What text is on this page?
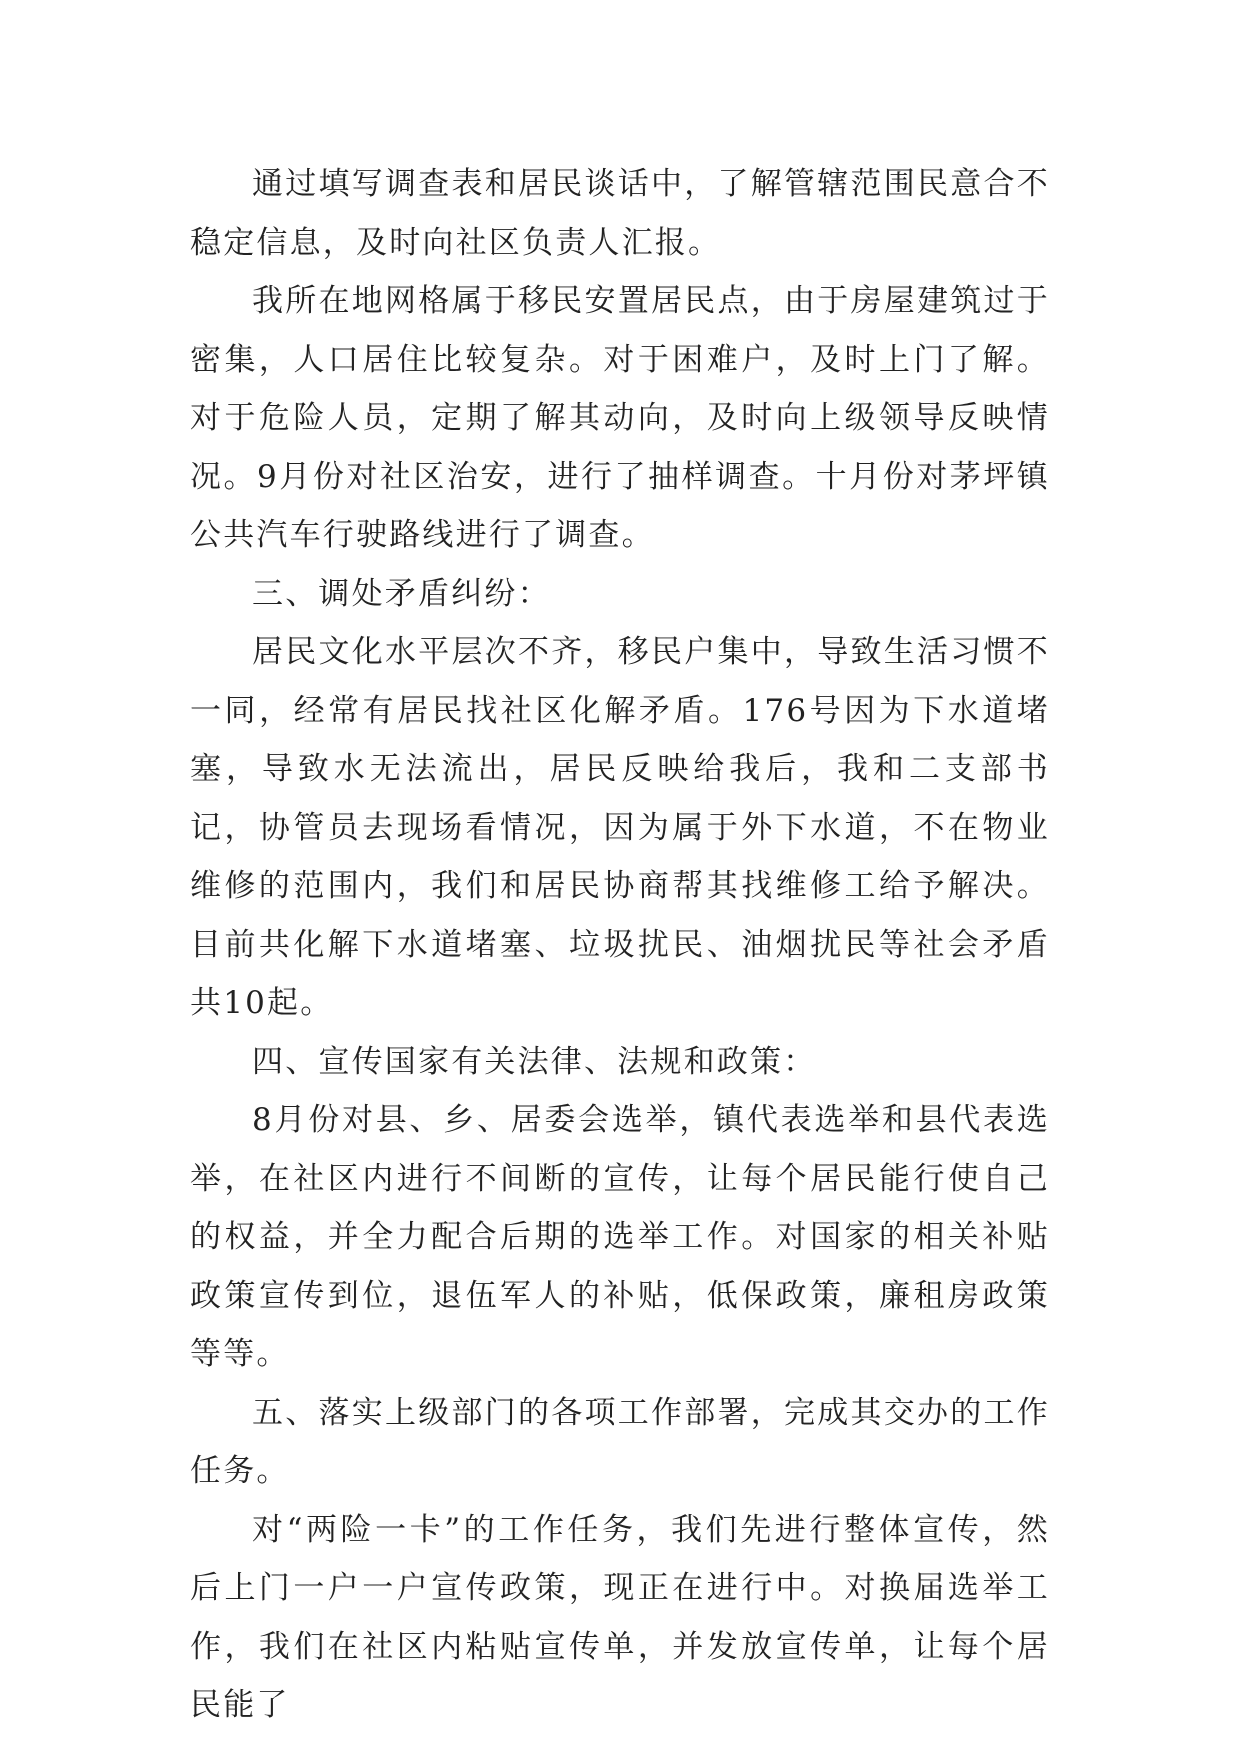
通过填写调查表和居民谈话中，了解管辖范围民意合不稳定信息，及时向社区负责人汇报。

我所在地网格属于移民安置居民点，由于房屋建筑过于密集，人口居住比较复杂。对于困难户，及时上门了解。对于危险人员，定期了解其动向，及时向上级领导反映情况。9月份对社区治安，进行了抽样调查。十月份对茅坪镇公共汽车行驶路线进行了调查。

三、调处矛盾纠纷：

居民文化水平层次不齐，移民户集中，导致生活习惯不一同，经常有居民找社区化解矛盾。176号因为下水道堵塞，导致水无法流出，居民反映给我后，我和二支部书记，协管员去现场看情况，因为属于外下水道，不在物业维修的范围内，我们和居民协商帮其找维修工给予解决。目前共化解下水道堵塞、垃圾扰民、油烟扰民等社会矛盾共10起。

四、宣传国家有关法律、法规和政策：

8月份对县、乡、居委会选举，镇代表选举和县代表选举，在社区内进行不间断的宣传，让每个居民能行使自己的权益，并全力配合后期的选举工作。对国家的相关补贴政策宣传到位，退伍军人的补贴，低保政策，廉租房政策等等。

五、落实上级部门的各项工作部署，完成其交办的工作任务。

对“两险一卡”的工作任务，我们先进行整体宣传，然后上门一户一户宣传政策，现正在进行中。对换届选举工作，我们在社区内粘贴宣传单，并发放宣传单，让每个居民能了
